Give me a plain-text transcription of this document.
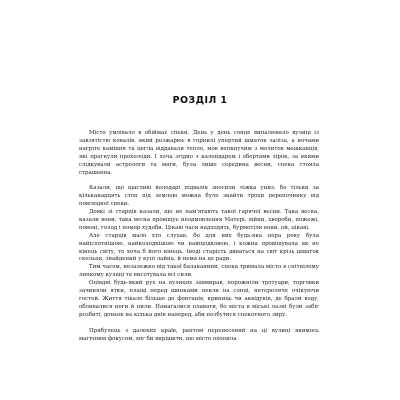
РОЗДІЛ 1

Місто умлівало в обіймах спеки. День у день сонце випалювало вулиці із завзятістю ковалів, який розжарює в горнилі упертий шматок заліза, а ночами нагріте каміння та цегла віддавали тепло, мов вепкнучим з молитов мешканців, які прагнули прохолоди. І хоча згідно з календарем і обертами зірок, за якими слідкували астрологи та маги, була лише середина весни, спека стояла страшенна.

Казали, що щасливі володарі підвалів зносили ліжка униз, бо тільки за кільканадцять стоп під землею можна було знайти трохи перепочинку від повсюдної спеки.

Довкі зі старців казали, що не пам'ятають такої гарячої весни. Така весна, казали вони, така весна провіщує неодмовлення Матері, війни, хвороби, пожежі, повені, голод і помор худоби. Цікаві часи надходять, бурмотіли вони, ой, цікаві.

Але старців мало хто слухав, бо для них будь-яка пора року була найіспотнішою, найколоднішою чи найщодковою, і кожна провіщувала як не кінець світу, то хоча б його кінець. Іноді старість диваться на світ крізь шматок скельця, знайдений у купі лайна, й нема на це ради.

Тим часом, незалежно від такої балаканини, спека тримала місто в спітнілому липкому кулаці та висотувала всі сили.

Опівдні будь-який рух на вулицях завмирав, порожніли тротуари, торговки зачиняли ятки, плащі перед шинками пекли на сонці, нетерпляче очікуючи гостей. Життя тікало більше до фонтанів, криниць чи аквідуків, де брали воду, обливалися ноги й пили. Намагалися плавати, бо міста в міські лазні були забіг розбиті, доньок на кілька днів наперед, аби позбутися спекотного зиру.

Прибулець з далеких країв, раптом перенесений на ці вулиці якимось магічним фокусом, міг би вирішити, що місто охопила
